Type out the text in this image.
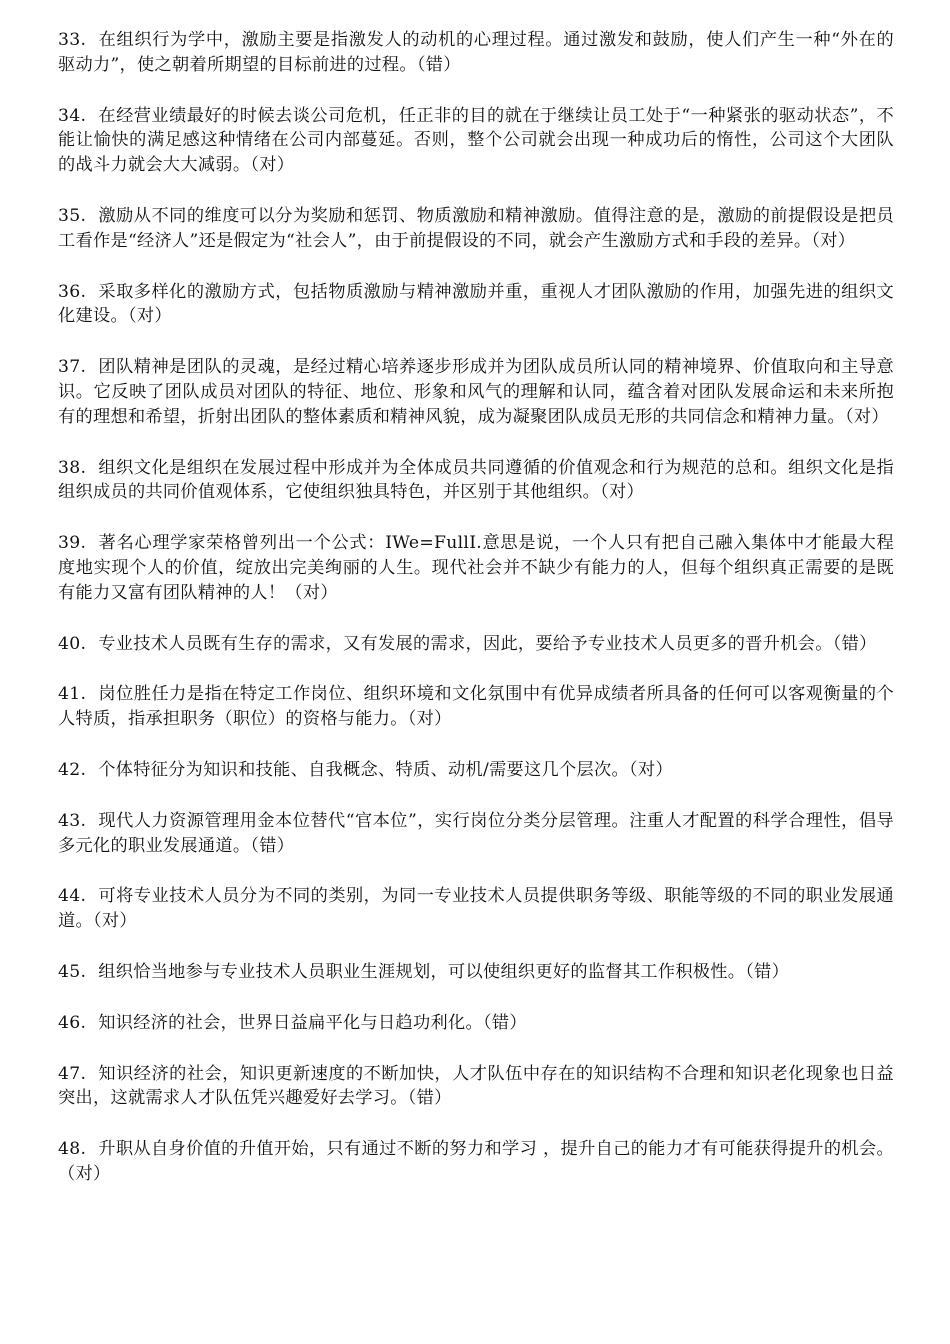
33. 在组织行为学中，激励主要是指激发人的动机的心理过程。通过激发和鼓励，使人们产生一种“外在的驱动力”，使之朝着所期望的目标前进的过程。（错）

34. 在经营业绩最好的时候去谈公司危机，任正非的目的就在于继续让员工处于“一种紧张的驱动状态”，不能让愉快的满足感这种情绪在公司内部蔓延。否则，整个公司就会出现一种成功后的惰性，公司这个大团队的战斗力就会大大减弱。（对）

35. 激励从不同的维度可以分为奖励和惩罚、物质激励和精神激励。值得注意的是，激励的前提假设是把员工看作是“经济人”还是假定为“社会人”，由于前提假设的不同，就会产生激励方式和手段的差异。（对）

36. 采取多样化的激励方式，包括物质激励与精神激励并重，重视人才团队激励的作用，加强先进的组织文化建设。（对）

37. 团队精神是团队的灵魂，是经过精心培养逐步形成并为团队成员所认同的精神境界、价值取向和主导意识。它反映了团队成员对团队的特征、地位、形象和风气的理解和认同，蕴含着对团队发展命运和未来所抱有的理想和希望，折射出团队的整体素质和精神风貌，成为凝聚团队成员无形的共同信念和精神力量。（对）

38. 组织文化是组织在发展过程中形成并为全体成员共同遵循的价值观念和行为规范的总和。组织文化是指组织成员的共同价值观体系，它使组织独具特色，并区别于其他组织。（对）

39. 著名心理学家荣格曾列出一个公式：IWe=FullI.意思是说，一个人只有把自己融入集体中才能最大程度地实现个人的价值，绽放出完美绚丽的人生。现代社会并不缺少有能力的人，但每个组织真正需要的是既有能力又富有团队精神的人！（对）

40. 专业技术人员既有生存的需求，又有发展的需求，因此，要给予专业技术人员更多的晋升机会。（错）

41. 岗位胜任力是指在特定工作岗位、组织环境和文化氛围中有优异成绩者所具备的任何可以客观衡量的个人特质，指承担职务（职位）的资格与能力。（对）

42. 个体特征分为知识和技能、自我概念、特质、动机/需要这几个层次。（对）

43. 现代人力资源管理用金本位替代“官本位”，实行岗位分类分层管理。注重人才配置的科学合理性，倡导多元化的职业发展通道。（错）

44. 可将专业技术人员分为不同的类别，为同一专业技术人员提供职务等级、职能等级的不同的职业发展通道。（对）

45. 组织恰当地参与专业技术人员职业生涯规划，可以使组织更好的监督其工作积极性。（错）

46. 知识经济的社会，世界日益扁平化与日趋功利化。（错）

47. 知识经济的社会，知识更新速度的不断加快，人才队伍中存在的知识结构不合理和知识老化现象也日益突出，这就需求人才队伍凭兴趣爱好去学习。（错）

48. 升职从自身价值的升值开始，只有通过不断的努力和学习 ，提升自己的能力才有可能获得提升的机会。（对）
